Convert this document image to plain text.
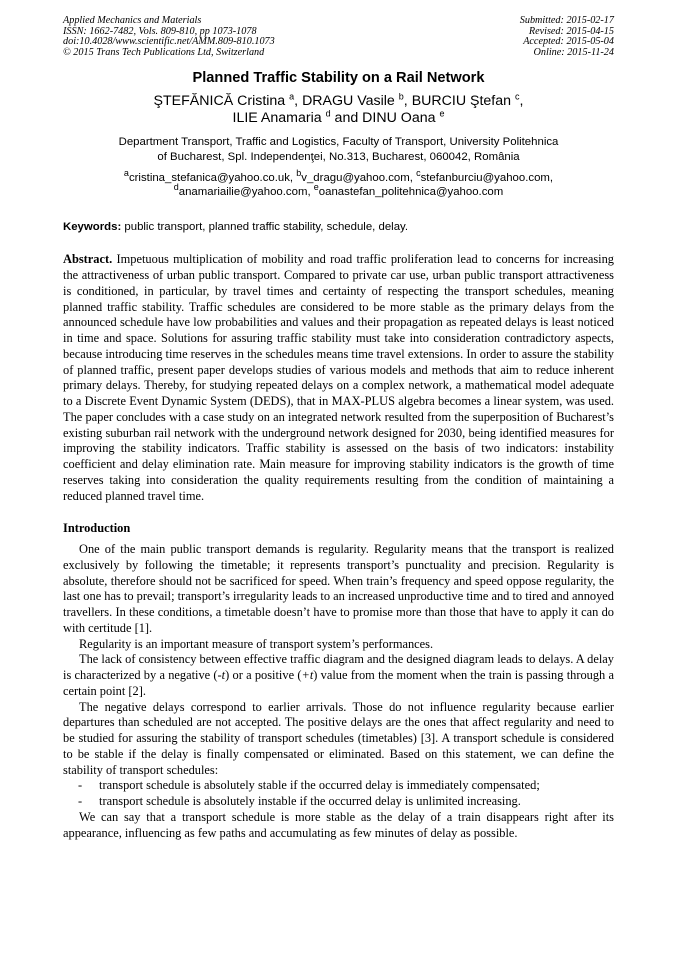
Applied Mechanics and Materials
ISSN: 1662-7482, Vols. 809-810, pp 1073-1078
doi:10.4028/www.scientific.net/AMM.809-810.1073
© 2015 Trans Tech Publications Ltd, Switzerland
Submitted: 2015-02-17
Revised: 2015-04-15
Accepted: 2015-05-04
Online: 2015-11-24
Planned Traffic Stability on a Rail Network
ŞTEFĂNICĂ Cristina $^a$, DRAGU Vasile $^b$, BURCIU Ştefan $^c$,
ILIE Anamaria $^d$ and DINU Oana $^e$
Department Transport, Traffic and Logistics, Faculty of Transport, University Politehnica
of Bucharest, Spl. Independenţei, No.313, Bucharest, 060042, România
$^a$cristina_stefanica@yahoo.co.uk, $^b$v_dragu@yahoo.com, $^c$stefanburciu@yahoo.com,
$^d$anamariailie@yahoo.com, $^e$oanastefan_politehnica@yahoo.com
Keywords: public transport, planned traffic stability, schedule, delay.

Abstract. Impetuous multiplication of mobility and road traffic proliferation lead to concerns for increasing the attractiveness of urban public transport. Compared to private car use, urban public transport attractiveness is conditioned, in particular, by travel times and certainty of respecting the transport schedules, meaning planned traffic stability. Traffic schedules are considered to be more stable as the primary delays from the announced schedule have low probabilities and values and their propagation as repeated delays is least noticed in time and space. Solutions for assuring traffic stability must take into consideration contradictory aspects, because introducing time reserves in the schedules means time travel extensions. In order to assure the stability of planned traffic, present paper develops studies of various models and methods that aim to reduce inherent primary delays. Thereby, for studying repeated delays on a complex network, a mathematical model adequate to a Discrete Event Dynamic System (DEDS), that in MAX-PLUS algebra becomes a linear system, was used. The paper concludes with a case study on an integrated network resulted from the superposition of Bucharest’s existing suburban rail network with the underground network designed for 2030, being identified measures for improving the stability indicators. Traffic stability is assessed on the basis of two indicators: instability coefficient and delay elimination rate. Main measure for improving stability indicators is the growth of time reserves taking into consideration the quality requirements resulting from the condition of maintaining a reduced planned travel time.

Introduction

One of the main public transport demands is regularity. Regularity means that the transport is realized exclusively by following the timetable; it represents transport’s punctuality and precision. Regularity is absolute, therefore should not be sacrificed for speed. When train’s frequency and speed oppose regularity, the last one has to prevail; transport’s irregularity leads to an increased unproductive time and to tired and annoyed travellers. In these conditions, a timetable doesn’t have to promise more than those that have to apply it can do with certitude [1].

Regularity is an important measure of transport system’s performances.

The lack of consistency between effective traffic diagram and the designed diagram leads to delays. A delay is characterized by a negative (-t) or a positive (+t) value from the moment when the train is passing through a certain point [2].

The negative delays correspond to earlier arrivals. Those do not influence regularity because earlier departures than scheduled are not accepted. The positive delays are the ones that affect regularity and need to be studied for assuring the stability of transport schedules (timetables) [3]. A transport schedule is considered to be stable if the delay is finally compensated or eliminated. Based on this statement, we can define the stability of transport schedules:

- transport schedule is absolutely stable if the occurred delay is immediately compensated;
- transport schedule is absolutely instable if the occurred delay is unlimited increasing.

We can say that a transport schedule is more stable as the delay of a train disappears right after its appearance, influencing as few paths and accumulating as few minutes of delay as possible.
